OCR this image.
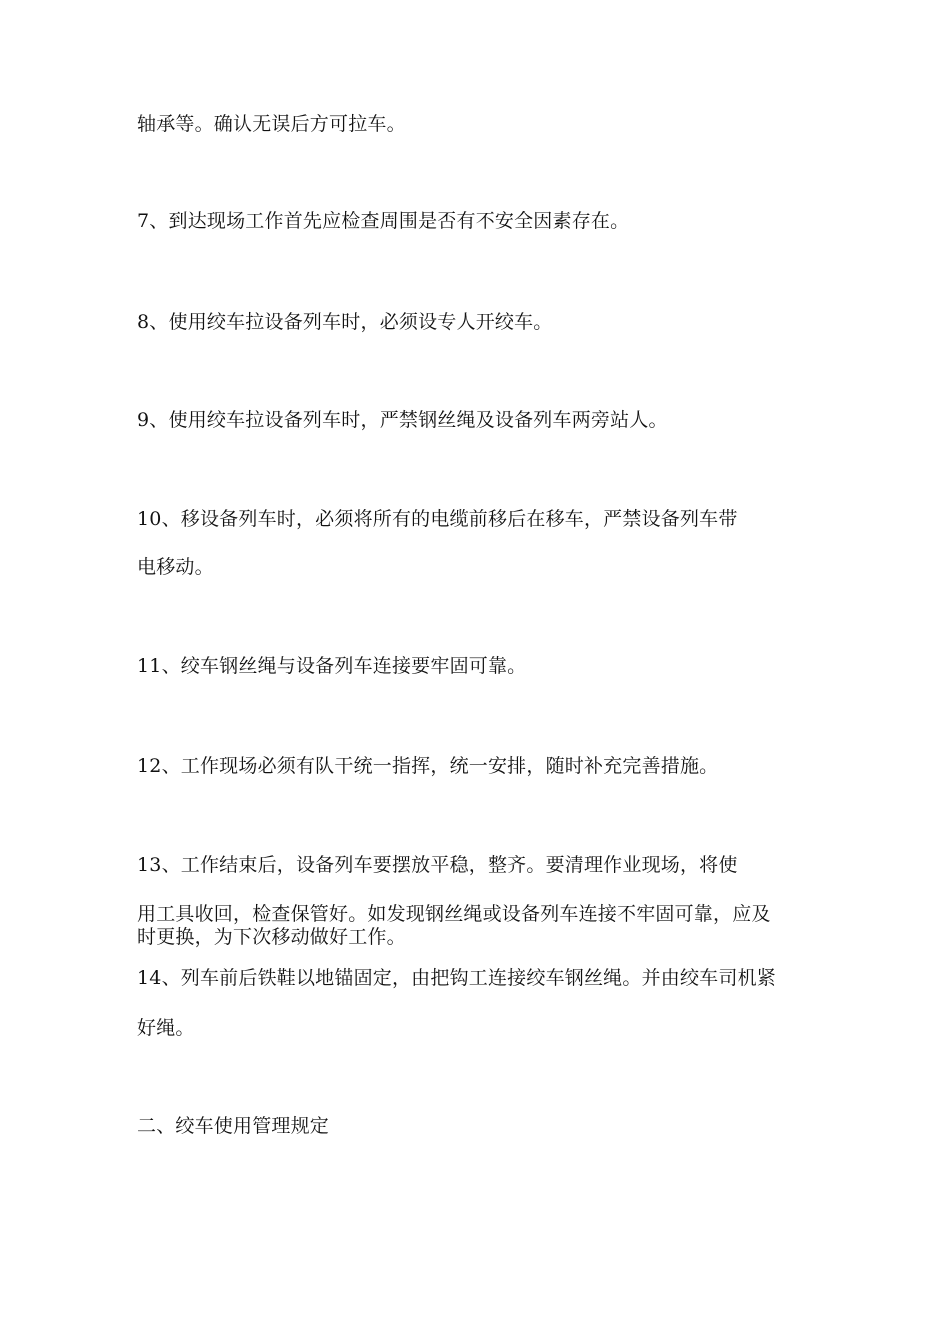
轴承等。确认无误后方可拉车。
7、到达现场工作首先应检查周围是否有不安全因素存在。
8、使用绞车拉设备列车时，必须设专人开绞车。
9、使用绞车拉设备列车时，严禁钢丝绳及设备列车两旁站人。
10、移设备列车时，必须将所有的电缆前移后在移车，严禁设备列车带
电移动。
11、绞车钢丝绳与设备列车连接要牢固可靠。
12、工作现场必须有队干统一指挥，统一安排，随时补充完善措施。
13、工作结束后，设备列车要摆放平稳，整齐。要清理作业现场，将使
用工具收回，检查保管好。如发现钢丝绳或设备列车连接不牢固可靠，应及
时更换，为下次移动做好工作。
14、列车前后铁鞋以地锚固定，由把钩工连接绞车钢丝绳。并由绞车司机紧
好绳。
二、绞车使用管理规定
